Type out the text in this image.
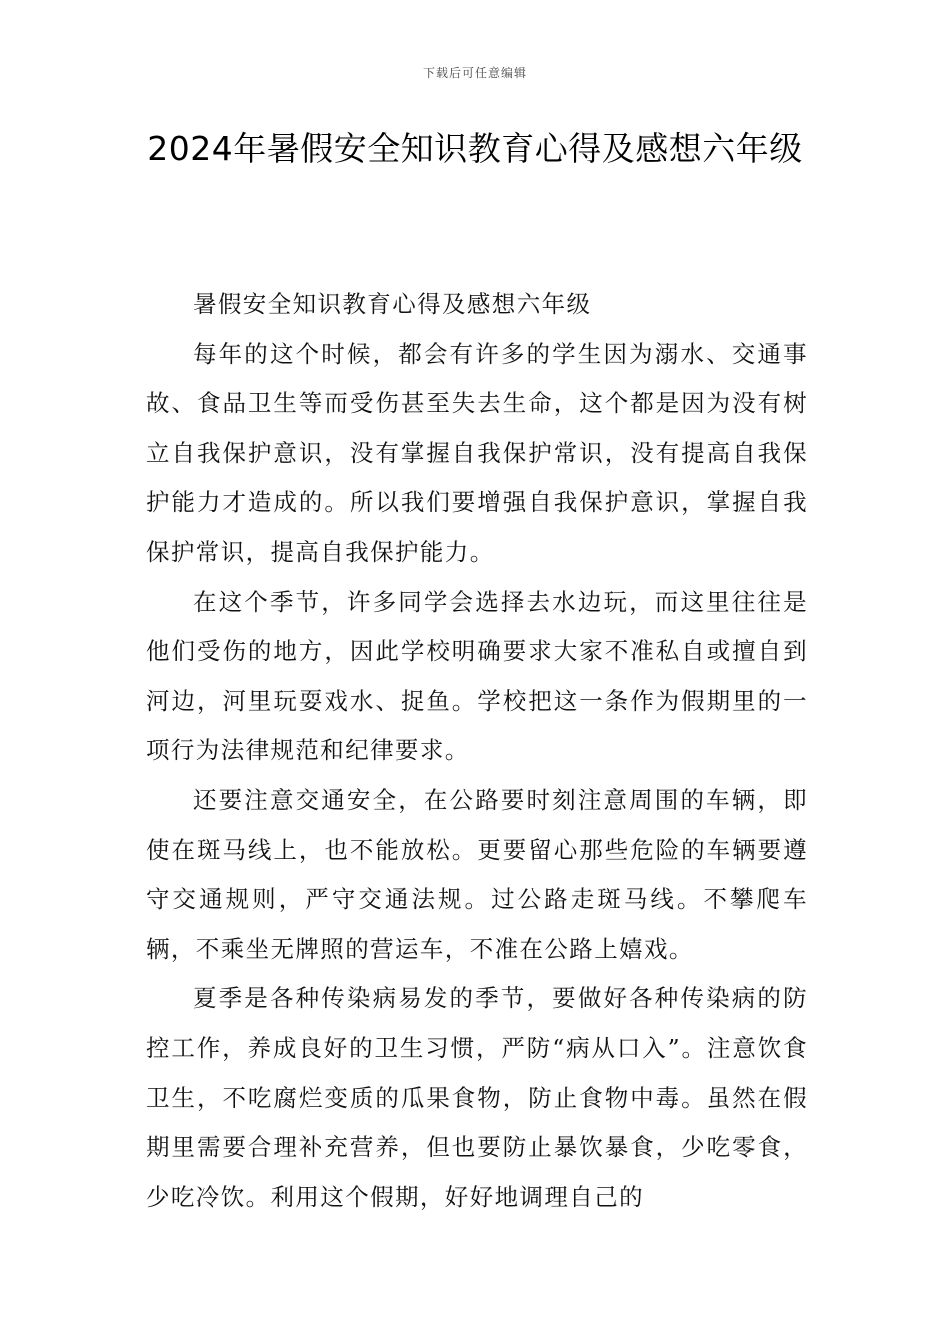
下载后可任意编辑
2024年暑假安全知识教育心得及感想六年级

暑假安全知识教育心得及感想六年级

每年的这个时候，都会有许多的学生因为溺水、交通事故、食品卫生等而受伤甚至失去生命，这个都是因为没有树立自我保护意识，没有掌握自我保护常识，没有提高自我保护能力才造成的。所以我们要增强自我保护意识，掌握自我保护常识，提高自我保护能力。

在这个季节，许多同学会选择去水边玩，而这里往往是他们受伤的地方，因此学校明确要求大家不准私自或擅自到河边，河里玩耍戏水、捉鱼。学校把这一条作为假期里的一项行为法律规范和纪律要求。

还要注意交通安全，在公路要时刻注意周围的车辆，即使在斑马线上，也不能放松。更要留心那些危险的车辆要遵守交通规则，严守交通法规。过公路走斑马线。不攀爬车辆，不乘坐无牌照的营运车，不准在公路上嬉戏。

夏季是各种传染病易发的季节，要做好各种传染病的防控工作，养成良好的卫生习惯，严防“病从口入”。注意饮食卫生，不吃腐烂变质的瓜果食物，防止食物中毒。虽然在假期里需要合理补充营养，但也要防止暴饮暴食，少吃零食，少吃冷饮。利用这个假期，好好地调理自己的
